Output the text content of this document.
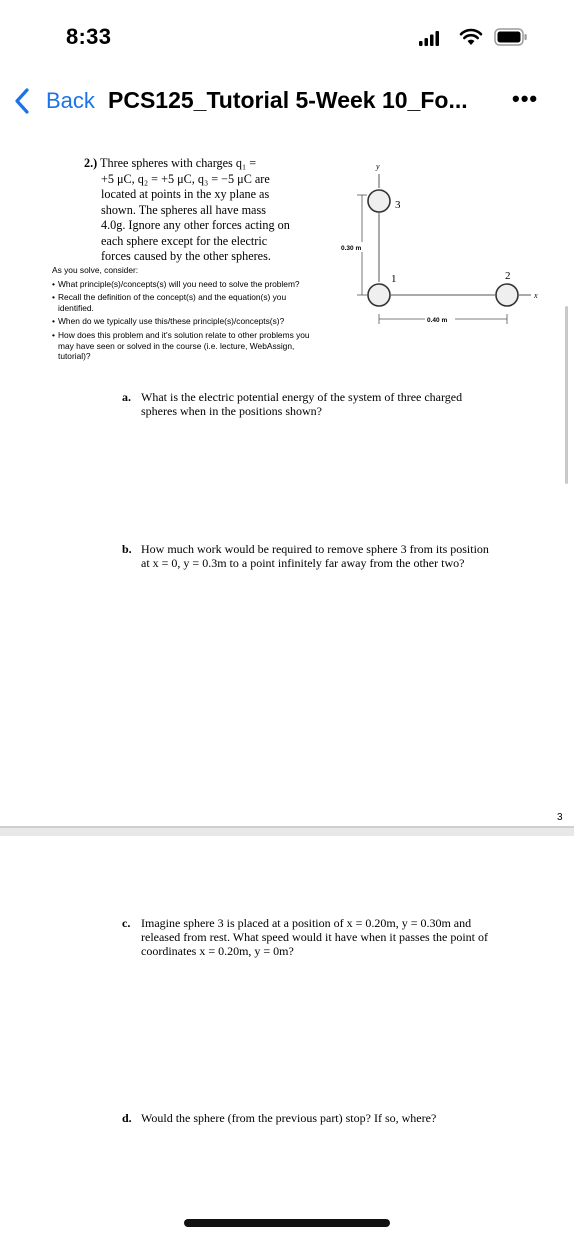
8:33
Back PCS125_Tutorial 5-Week 10_Fo... •••
2.) Three spheres with charges q₁ =
+5 μC, q₂ = +5 μC, q₃ = −5 μC are
located at points in the xy plane as
shown. The spheres all have mass
4.0g. Ignore any other forces acting on
each sphere except for the electric
forces caused by the other spheres.
As you solve, consider:
• What principle(s)/concepts(s) will you need to solve the problem?
• Recall the definition of the concept(s) and the equation(s) you identified.
• When do we typically use this/these principle(s)/concepts(s)?
• How does this problem and it's solution relate to other problems you may have seen or solved in the course (i.e. lecture, WebAssign, tutorial)?
y
x
3
1	2
0.30 m
0.40 m
a. What is the electric potential energy of the system of three charged spheres when in the positions shown?
b. How much work would be required to remove sphere 3 from its position at x = 0, y = 0.3m to a point infinitely far away from the other two?
3
c. Imagine sphere 3 is placed at a position of x = 0.20m, y = 0.30m and released from rest. What speed would it have when it passes the point of coordinates x = 0.20m, y = 0m?
d. Would the sphere (from the previous part) stop? If so, where?
